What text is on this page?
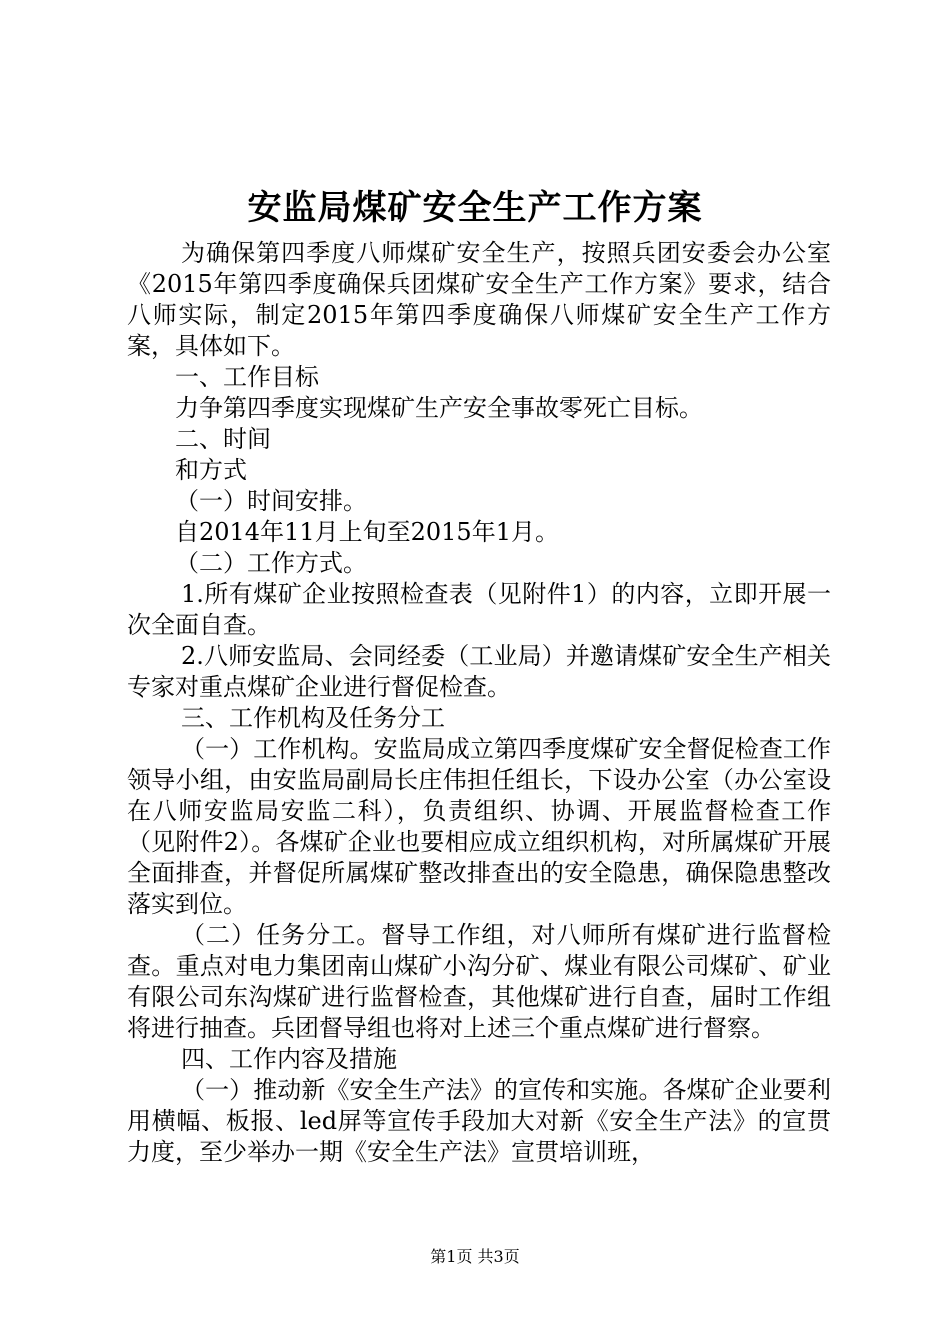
安监局煤矿安全生产工作方案

为确保第四季度八师煤矿安全生产，按照兵团安委会办公室《2015年第四季度确保兵团煤矿安全生产工作方案》要求，结合八师实际，制定2015年第四季度确保八师煤矿安全生产工作方案，具体如下。

一、工作目标

力争第四季度实现煤矿生产安全事故零死亡目标。

二、时间

和方式

（一）时间安排。

自2014年11月上旬至2015年1月。

（二）工作方式。

1.所有煤矿企业按照检查表（见附件1）的内容，立即开展一次全面自查。

2.八师安监局、会同经委（工业局）并邀请煤矿安全生产相关专家对重点煤矿企业进行督促检查。

三、工作机构及任务分工

（一）工作机构。安监局成立第四季度煤矿安全督促检查工作领导小组，由安监局副局长庄伟担任组长，下设办公室（办公室设在八师安监局安监二科），负责组织、协调、开展监督检查工作（见附件2）。各煤矿企业也要相应成立组织机构，对所属煤矿开展全面排查，并督促所属煤矿整改排查出的安全隐患，确保隐患整改落实到位。

（二）任务分工。督导工作组，对八师所有煤矿进行监督检查。重点对电力集团南山煤矿小沟分矿、煤业有限公司煤矿、矿业有限公司东沟煤矿进行监督检查，其他煤矿进行自查，届时工作组将进行抽查。兵团督导组也将对上述三个重点煤矿进行督察。

四、工作内容及措施

（一）推动新《安全生产法》的宣传和实施。各煤矿企业要利用横幅、板报、led屏等宣传手段加大对新《安全生产法》的宣贯力度，至少举办一期《安全生产法》宣贯培训班，

第1页 共3页
